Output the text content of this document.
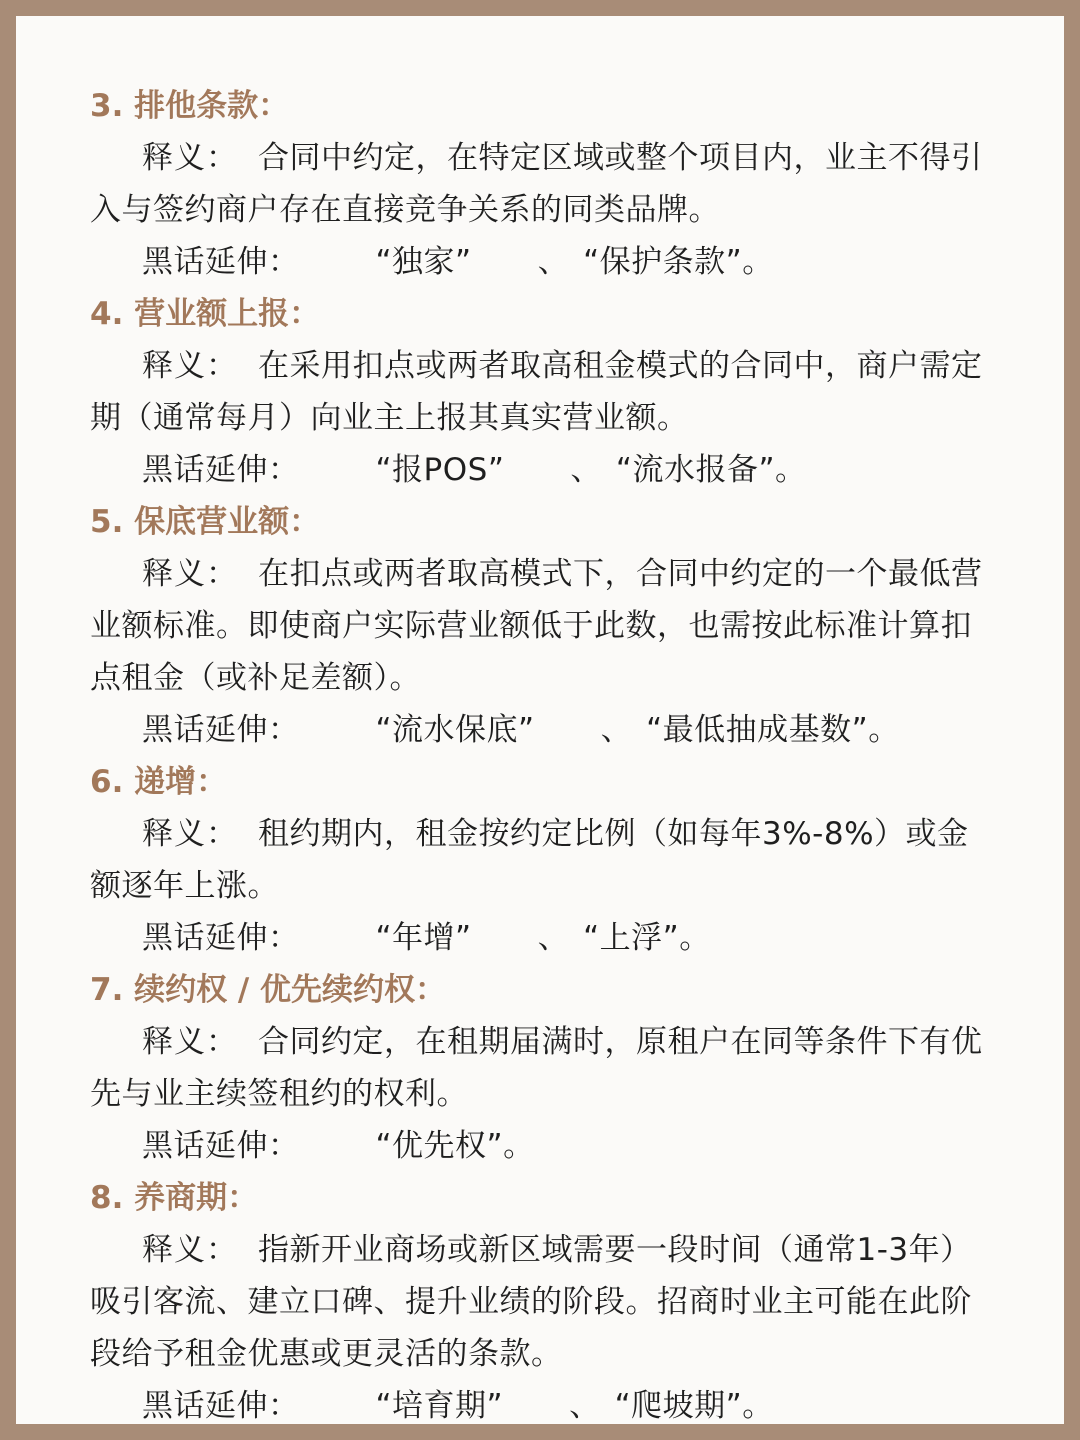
3. 排他条款：
释义： 合同中约定，在特定区域或整个项目内，业主不得引入与签约商户存在直接竞争关系的同类品牌。
黑话延伸： “独家” 、 “保护条款”。
4. 营业额上报：
释义： 在采用扣点或两者取高租金模式的合同中，商户需定期（通常每月）向业主上报其真实营业额。
黑话延伸： “报POS” 、 “流水报备”。
5. 保底营业额：
释义： 在扣点或两者取高模式下，合同中约定的一个最低营业额标准。即使商户实际营业额低于此数，也需按此标准计算扣点租金（或补足差额）。
黑话延伸： “流水保底” 、 “最低抽成基数”。
6. 递增：
释义： 租约期内，租金按约定比例（如每年3%-8%）或金额逐年上涨。
黑话延伸： “年增” 、 “上浮”。
7. 续约权 / 优先续约权：
释义： 合同约定，在租期届满时，原租户在同等条件下有优先与业主续签租约的权利。
黑话延伸： “优先权”。
8. 养商期：
释义： 指新开业商场或新区域需要一段时间（通常1-3年）吸引客流、建立口碑、提升业绩的阶段。招商时业主可能在此阶段给予租金优惠或更灵活的条款。
黑话延伸： “培育期” 、 “爬坡期”。
